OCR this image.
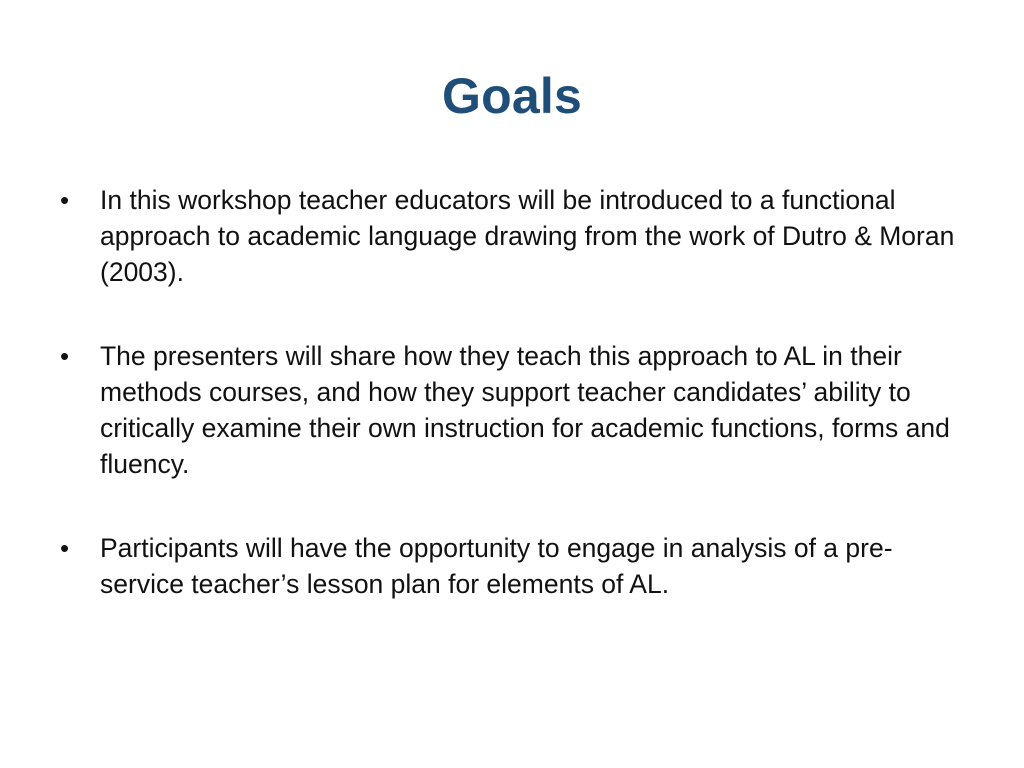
Goals
• In this workshop teacher educators will be introduced to a functional approach to academic language drawing from the work of Dutro & Moran (2003).
• The presenters will share how they teach this approach to AL in their methods courses, and how they support teacher candidates’ ability to critically examine their own instruction for academic functions, forms and fluency.
• Participants will have the opportunity to engage in analysis of a pre-service teacher’s lesson plan for elements of AL.
